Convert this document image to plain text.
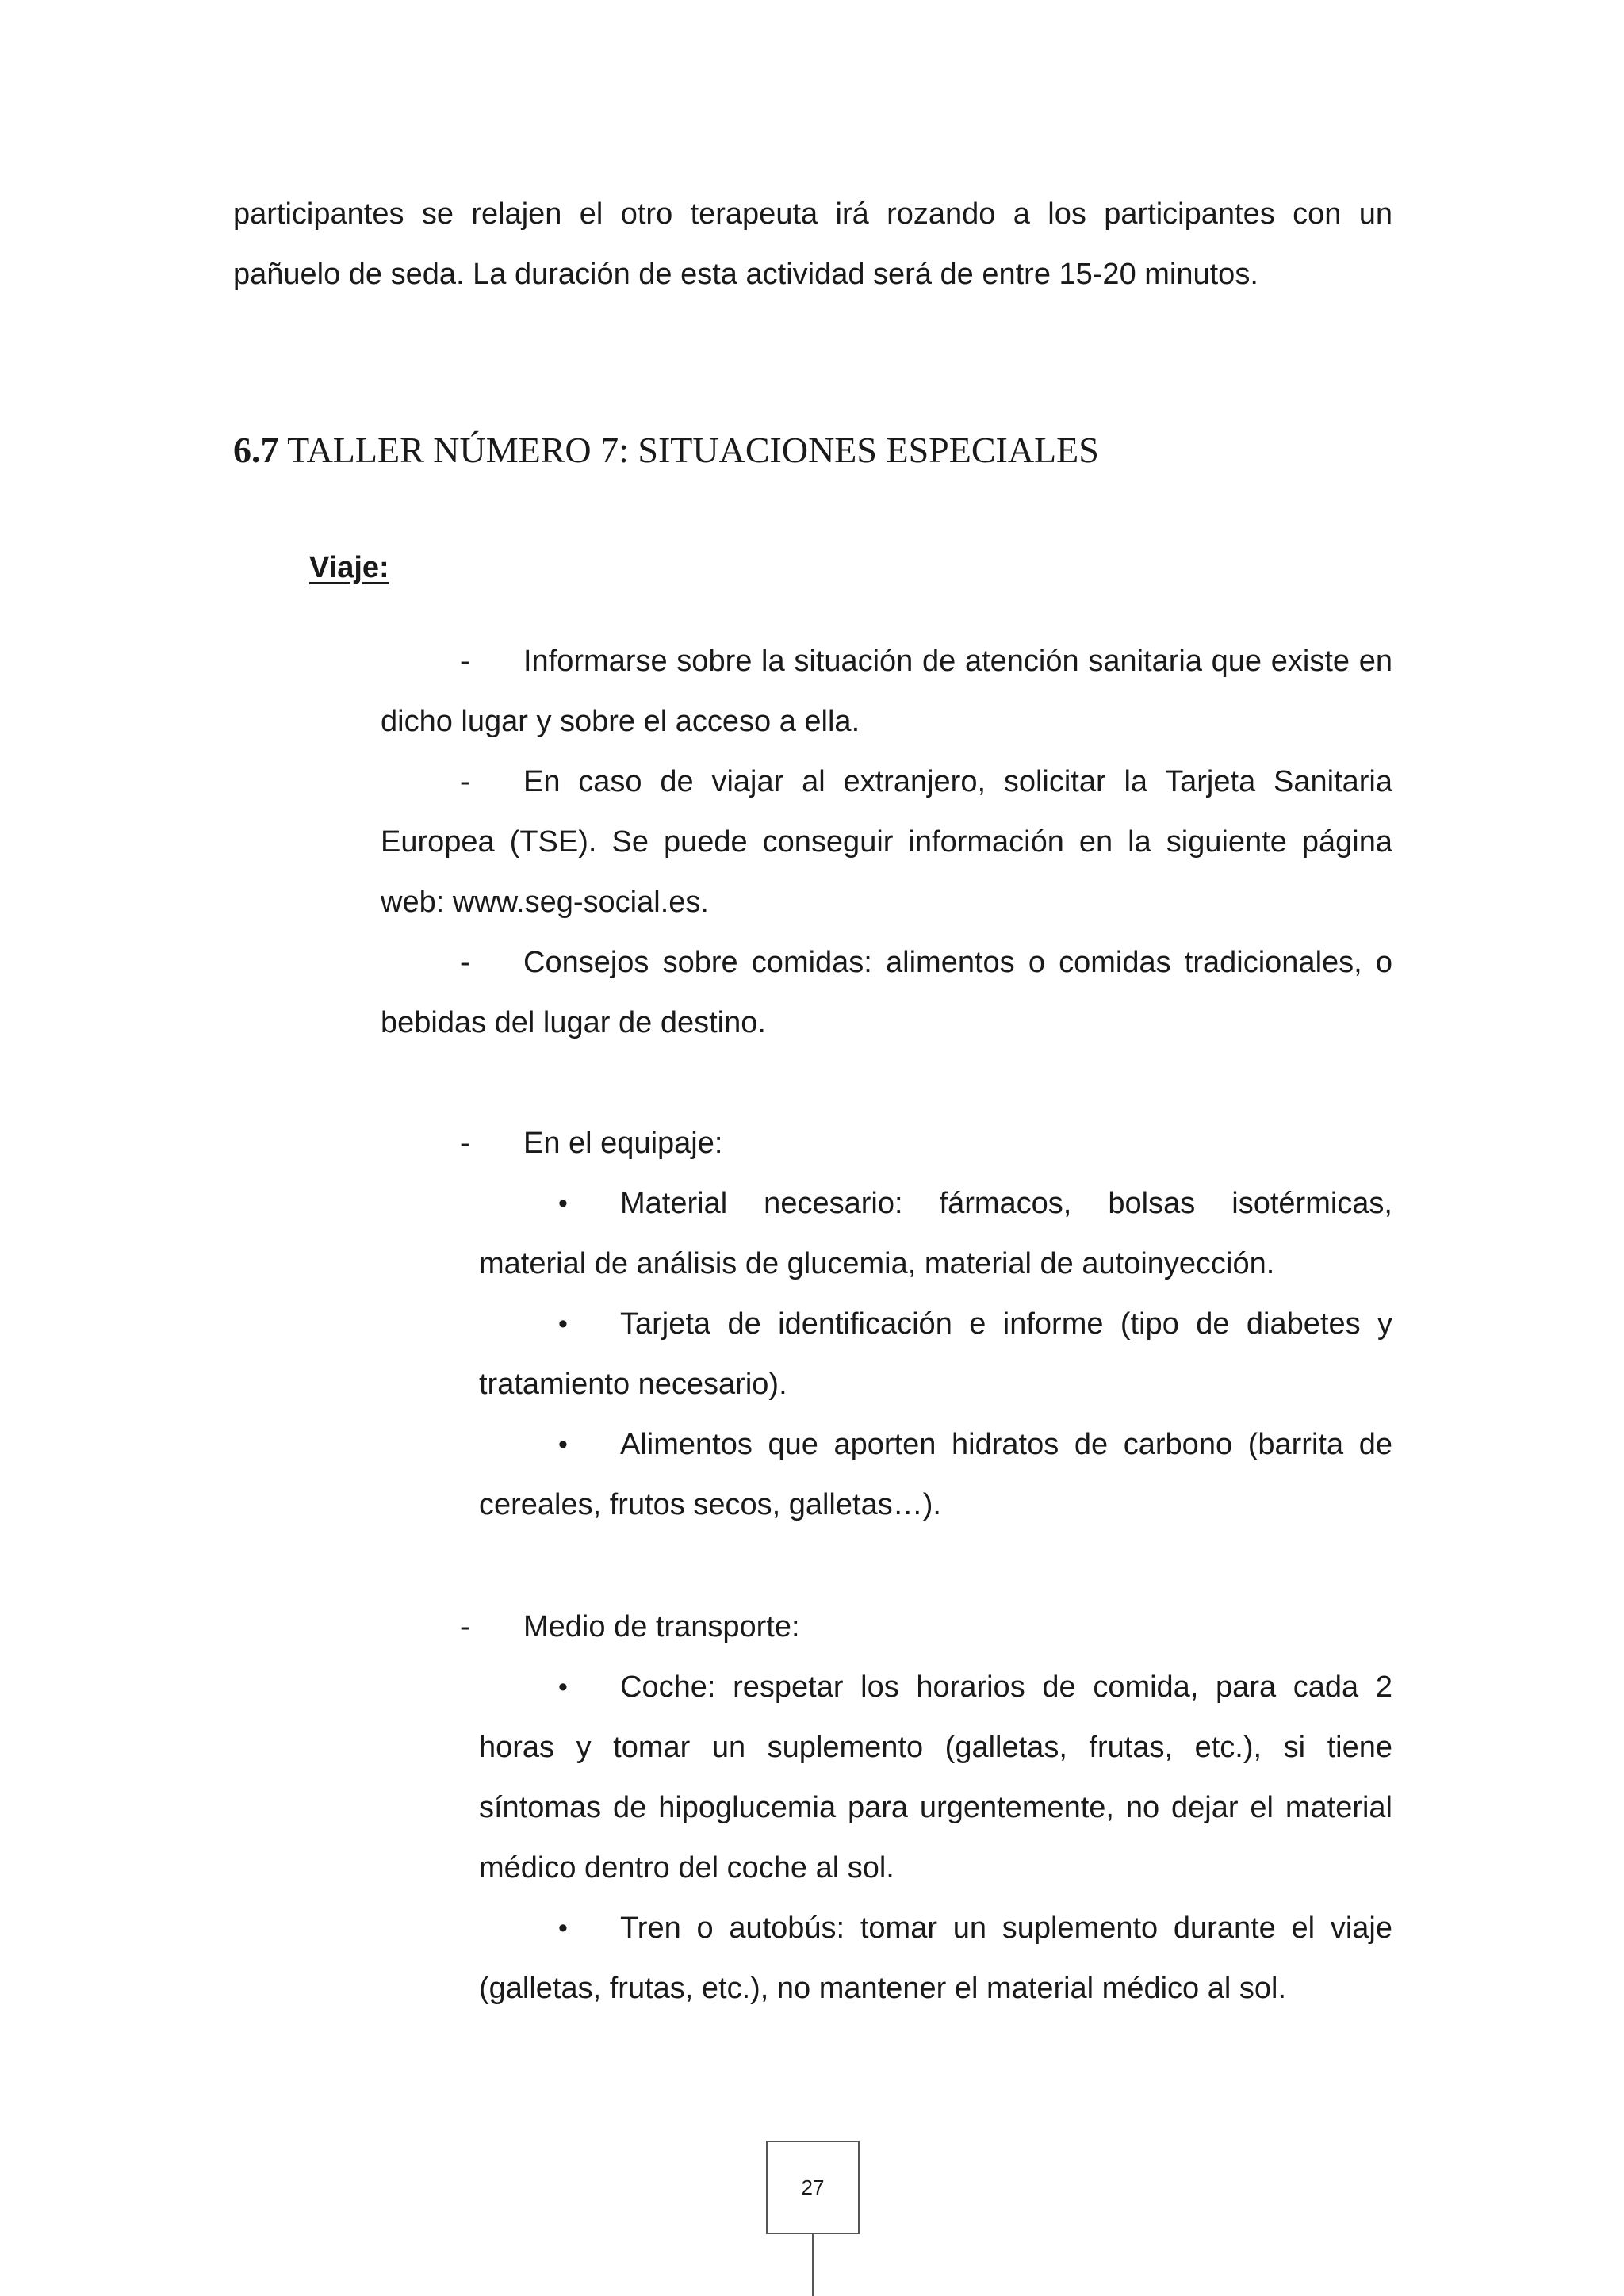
participantes se relajen el otro terapeuta irá rozando a los participantes con un pañuelo de seda. La duración de esta actividad será de entre 15-20 minutos.

6.7 TALLER NÚMERO 7: SITUACIONES ESPECIALES

Viaje:

- Informarse sobre la situación de atención sanitaria que existe en dicho lugar y sobre el acceso a ella.

- En caso de viajar al extranjero, solicitar la Tarjeta Sanitaria Europea (TSE). Se puede conseguir información en la siguiente página web: www.seg-social.es.

- Consejos sobre comidas: alimentos o comidas tradicionales, o bebidas del lugar de destino.

- En el equipaje:

• Material necesario: fármacos, bolsas isotérmicas, material de análisis de glucemia, material de autoinyección.

• Tarjeta de identificación e informe (tipo de diabetes y tratamiento necesario).

• Alimentos que aporten hidratos de carbono (barrita de cereales, frutos secos, galletas…).

- Medio de transporte:

• Coche: respetar los horarios de comida, para cada 2 horas y tomar un suplemento (galletas, frutas, etc.), si tiene síntomas de hipoglucemia para urgentemente, no dejar el material médico dentro del coche al sol.

• Tren o autobús: tomar un suplemento durante el viaje (galletas, frutas, etc.), no mantener el material médico al sol.

27
